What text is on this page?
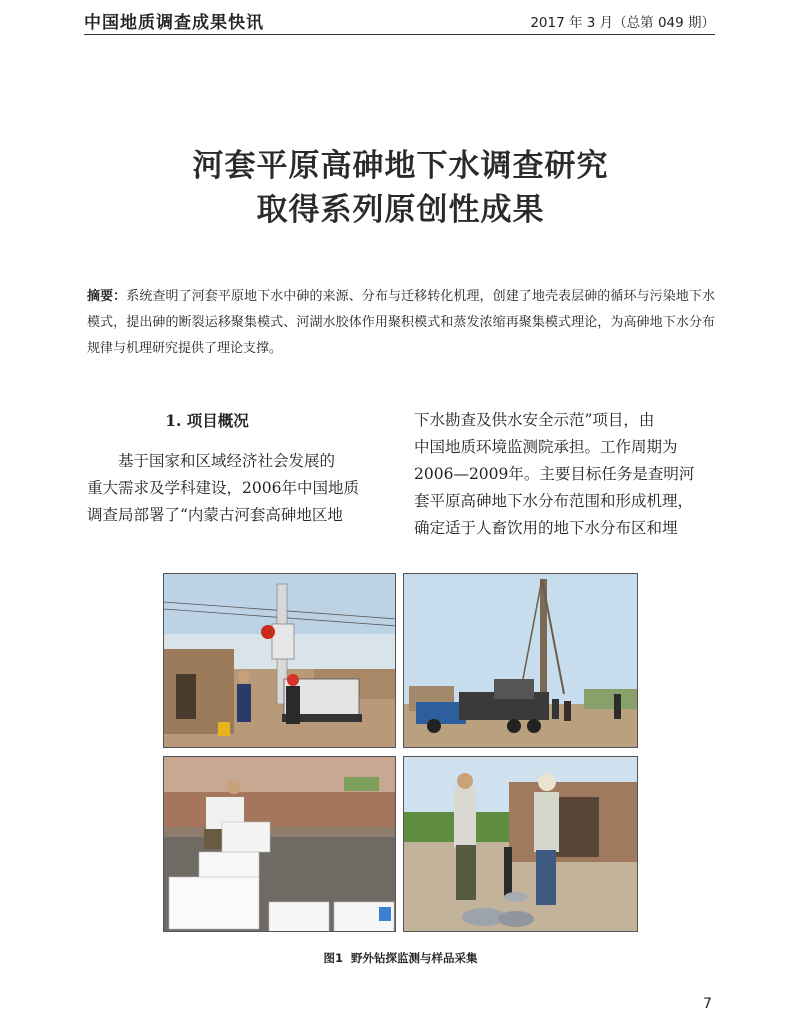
中国地质调查成果快讯	2017 年 3 月（总第 049 期）
河套平原高砷地下水调查研究
取得系列原创性成果
摘要：系统查明了河套平原地下水中砷的来源、分布与迁移转化机理，创建了地壳表层砷的循环与污染地下水模式，提出砷的断裂运移聚集模式、河湖水胶体作用聚积模式和蒸发浓缩再聚集模式理论，为高砷地下水分布规律与机理研究提供了理论支撑。
1. 项目概况
基于国家和区域经济社会发展的
重大需求及学科建设，2006年中国地质
调查局部署了“内蒙古河套高砷地区地
下水勘查及供水安全示范”项目，由
中国地质环境监测院承担。工作周期为
2006—2009年。主要目标任务是查明河
套平原高砷地下水分布范围和形成机理，
确定适于人畜饮用的地下水分布区和埋
图1 野外钻探监测与样品采集
7
